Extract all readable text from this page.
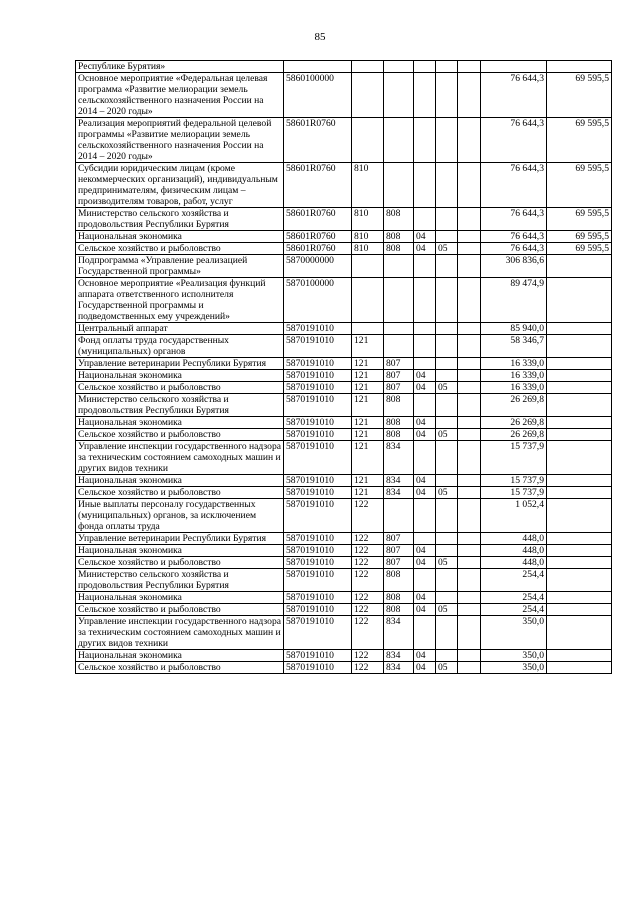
85
Республике Бурятия»								
Основное мероприятие «Федеральная целевая программа «Развитие мелиорации земель сельскохозяйственного назначения России на 2014 – 2020 годы»	5860100000						76 644,3	69 595,5
Реализация мероприятий федеральной целевой программы «Развитие мелиорации земель сельскохозяйственного назначения России на 2014 – 2020 годы»	58601R0760						76 644,3	69 595,5
Субсидии юридическим лицам (кроме некоммерческих организаций), индивидуальным предпринимателям, физическим лицам – производителям товаров, работ, услуг	58601R0760	810					76 644,3	69 595,5
Министерство сельского хозяйства и продовольствия Республики Бурятия	58601R0760	810	808				76 644,3	69 595,5
Национальная экономика	58601R0760	810	808	04			76 644,3	69 595,5
Сельское хозяйство и рыболовство	58601R0760	810	808	04	05		76 644,3	69 595,5
Подпрограмма «Управление реализацией Государственной программы»	5870000000						306 836,6	
Основное мероприятие «Реализация функций аппарата ответственного исполнителя Государственной программы и подведомственных ему учреждений»	5870100000						89 474,9	
Центральный аппарат	5870191010						85 940,0	
Фонд оплаты труда государственных (муниципальных) органов	5870191010	121					58 346,7	
Управление ветеринарии Республики Бурятия	5870191010	121	807				16 339,0	
Национальная экономика	5870191010	121	807	04			16 339,0	
Сельское хозяйство и рыболовство	5870191010	121	807	04	05		16 339,0	
Министерство сельского хозяйства и продовольствия Республики Бурятия	5870191010	121	808				26 269,8	
Национальная экономика	5870191010	121	808	04			26 269,8	
Сельское хозяйство и рыболовство	5870191010	121	808	04	05		26 269,8	
Управление инспекции государственного надзора за техническим состоянием самоходных машин и других видов техники	5870191010	121	834				15 737,9	
Национальная экономика	5870191010	121	834	04			15 737,9	
Сельское хозяйство и рыболовство	5870191010	121	834	04	05		15 737,9	
Иные выплаты персоналу государственных (муниципальных) органов, за исключением фонда оплаты труда	5870191010	122					1 052,4	
Управление ветеринарии Республики Бурятия	5870191010	122	807				448,0	
Национальная экономика	5870191010	122	807	04			448,0	
Сельское хозяйство и рыболовство	5870191010	122	807	04	05		448,0	
Министерство сельского хозяйства и продовольствия Республики Бурятия	5870191010	122	808				254,4	
Национальная экономика	5870191010	122	808	04			254,4	
Сельское хозяйство и рыболовство	5870191010	122	808	04	05		254,4	
Управление инспекции государственного надзора за техническим состоянием самоходных машин и других видов техники	5870191010	122	834				350,0	
Национальная экономика	5870191010	122	834	04			350,0	
Сельское хозяйство и рыболовство	5870191010	122	834	04	05		350,0	
